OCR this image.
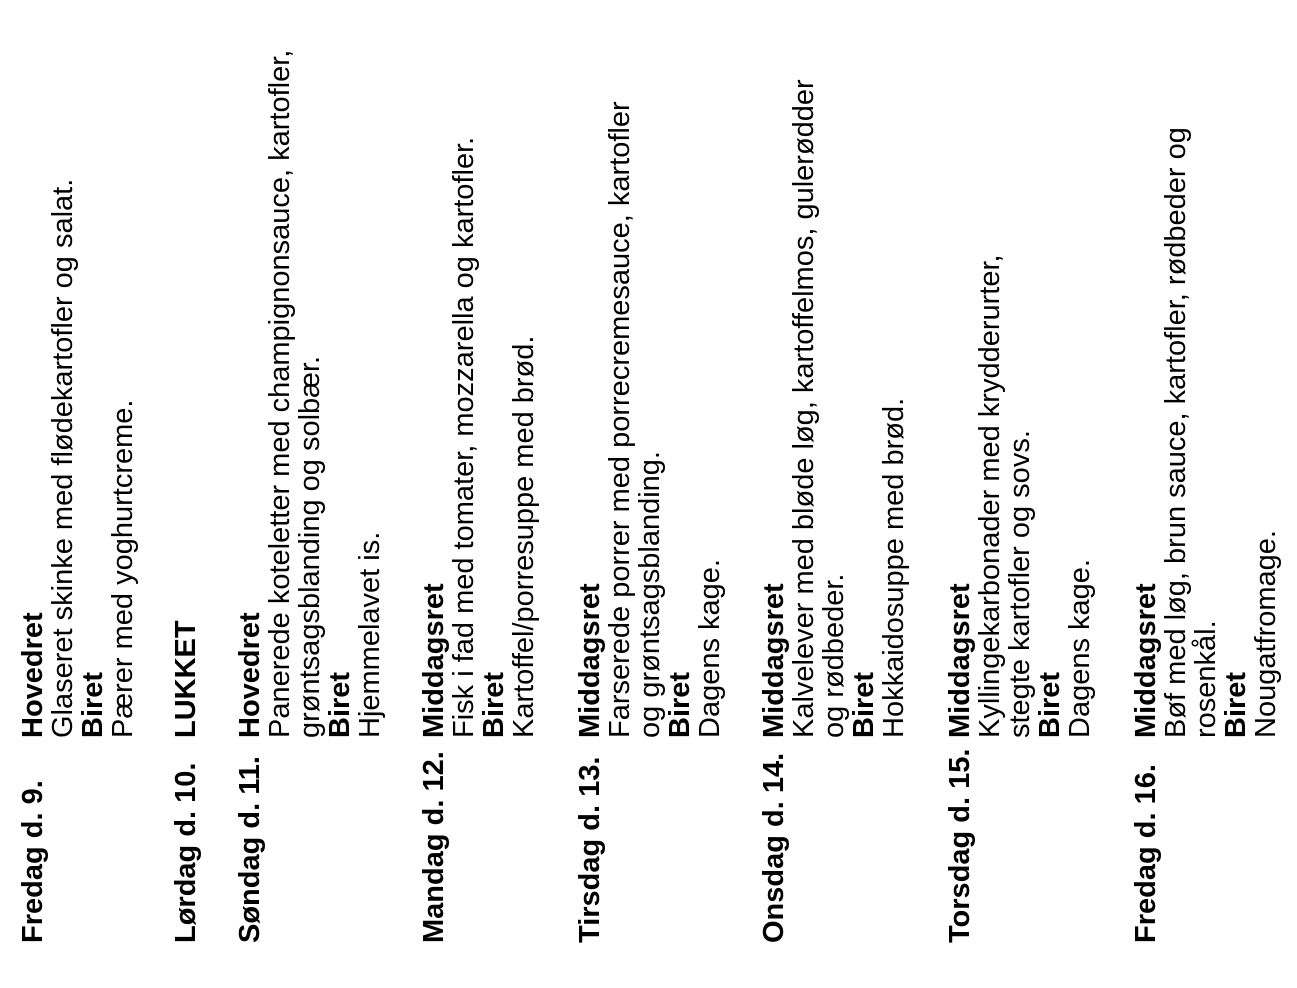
Fredag d. 9.
Hovedret
Glaseret skinke med flødekartofler og salat.
Biret
Pærer med yoghurtcreme.
Lørdag d. 10.
LUKKET
Søndag d. 11.
Hovedret
Panerede koteletter med champignonsauce, kartofler,
grøntsagsblanding og solbær.
Biret
Hjemmelavet is.
Mandag d. 12.
Middagsret
Fisk i fad med tomater, mozzarella og kartofler.
Biret
Kartoffel/porresuppe med brød.
Tirsdag d. 13.
Middagsret
Farserede porrer med porrecremesauce, kartofler
og grøntsagsblanding.
Biret
Dagens kage.
Onsdag d. 14.
Middagsret
Kalvelever med bløde løg, kartoffelmos, gulerødder
og rødbeder.
Biret
Hokkaidosuppe med brød.
Torsdag d. 15.
Middagsret
Kyllingekarbonader med krydderurter,
stegte kartofler og sovs.
Biret
Dagens kage.
Fredag d. 16.
Middagsret
Bøf med løg, brun sauce, kartofler, rødbeder og
rosenkål.
Biret
Nougatfromage.
